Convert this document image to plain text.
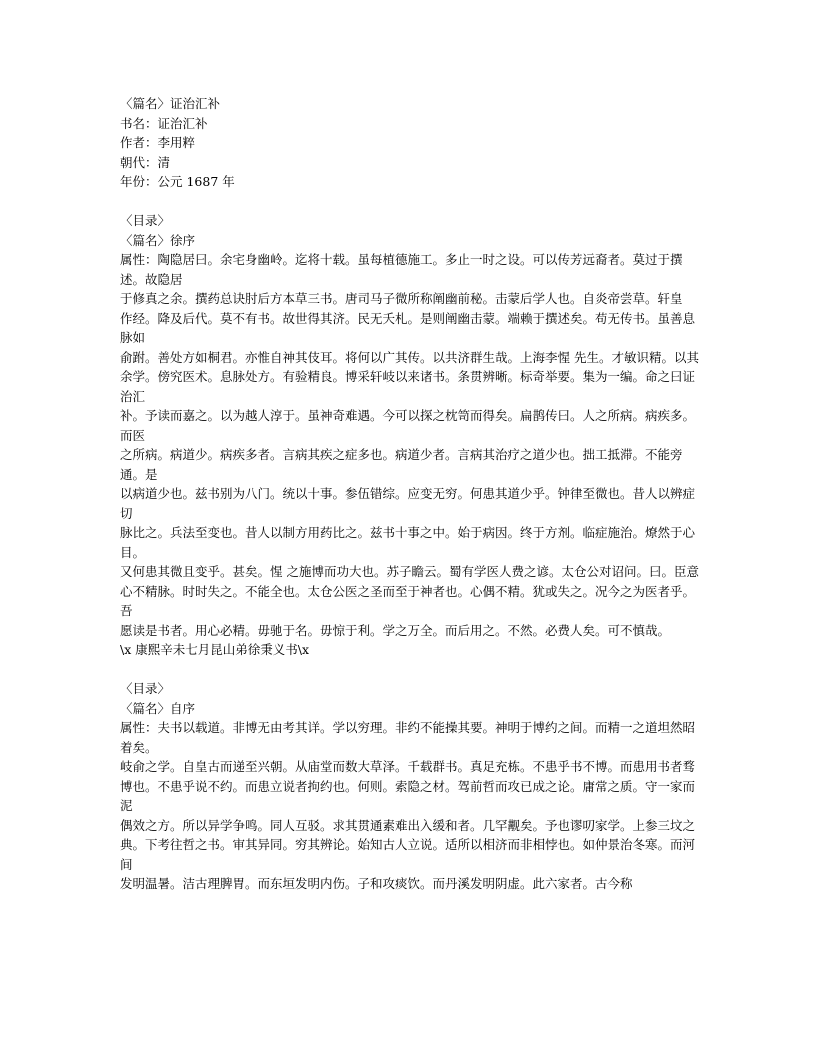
〈篇名〉证治汇补

书名：证治汇补

作者：李用粹

朝代：清

年份：公元 1687 年

〈目录〉

〈篇名〉徐序

属性：陶隐居曰。余宅身幽岭。迄将十载。虽每植德施工。多止一时之设。可以传芳远裔者。莫过于撰述。故隐居

于修真之余。撰药总诀肘后方本草三书。唐司马子微所称阐幽前秘。击蒙后学人也。自炎帝尝草。轩皇

作经。降及后代。莫不有书。故世得其济。民无夭札。是则阐幽击蒙。端赖于撰述矣。苟无传书。虽善息脉如

俞跗。善处方如桐君。亦惟自神其伎耳。将何以广其传。以共济群生哉。上海李惺 先生。才敏识精。以其

余学。傍究医术。息脉处方。有验精良。博采轩岐以来诸书。条贯辨晰。标奇举要。集为一编。命之曰证治汇

补。予读而嘉之。以为越人淳于。虽神奇难遇。今可以探之枕笥而得矣。扁鹊传曰。人之所病。病疾多。而医

之所病。病道少。病疾多者。言病其疾之症多也。病道少者。言病其治疗之道少也。拙工抵滞。不能旁通。是

以病道少也。兹书别为八门。统以十事。参伍错综。应变无穷。何患其道少乎。钟律至微也。昔人以辨症切

脉比之。兵法至变也。昔人以制方用药比之。兹书十事之中。始于病因。终于方剂。临症施治。燎然于心目。

又何患其微且变乎。甚矣。惺 之施博而功大也。苏子瞻云。蜀有学医人费之谚。太仓公对诏问。曰。臣意

心不精脉。时时失之。不能全也。太仓公医之圣而至于神者也。心偶不精。犹或失之。况今之为医者乎。吾

愿读是书者。用心必精。毋驰于名。毋惊于利。学之万全。而后用之。不然。必费人矣。可不慎哉。

\x 康熙辛未七月昆山弟徐秉义书\x

〈目录〉

〈篇名〉自序

属性：夫书以载道。非博无由考其详。学以穷理。非约不能操其要。神明于博约之间。而精一之道坦然昭着矣。

岐俞之学。自皇古而递至兴朝。从庙堂而数大草泽。千载群书。真足充栋。不患乎书不博。而患用书者骛

博也。不患乎说不约。而患立说者拘约也。何则。索隐之材。驾前哲而攻已成之论。庸常之质。守一家而泥

偶效之方。所以异学争鸣。同人互驳。求其贯通素难出入缓和者。几罕觏矣。予也谬叨家学。上参三坟之

典。下考往哲之书。审其异同。穷其辨论。始知古人立说。适所以相济而非相悖也。如仲景治冬寒。而河间

发明温暑。洁古理脾胃。而东垣发明内伤。子和攻痰饮。而丹溪发明阴虚。此六家者。古今称
